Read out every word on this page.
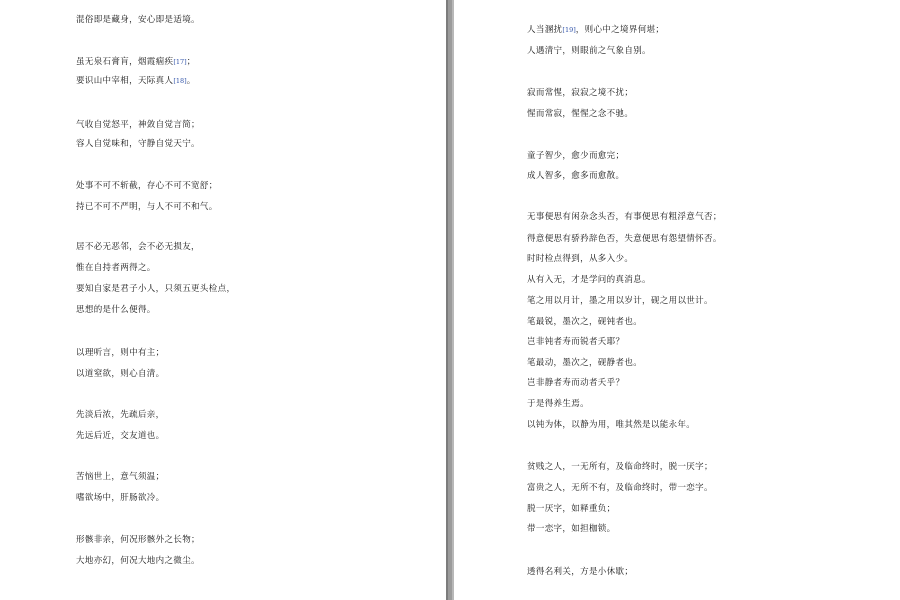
混俗即是藏身，安心即是适境。
虽无泉石膏肓，烟霞痼疾[17]；
要识山中宰相，天际真人[18]。
气收自觉怒平，神敛自觉言简；
容人自觉味和，守静自觉天宁。
处事不可不斩截，存心不可不宽舒；
持已不可不严明，与人不可不和气。
居不必无恶邻，会不必无损友，
惟在自持者两得之。
要知自家是君子小人，只须五更头检点，
思想的是什么便得。
以理听言，则中有主；
以道窒欲，则心自清。
先淡后浓，先疏后亲，
先远后近，交友道也。
苦恼世上，意气须温；
嗜欲场中，肝肠欲冷。
形骸非亲，何况形骸外之长物；
大地亦幻，何况大地内之微尘。
人当溷扰[19]，则心中之境界何堪；
人遇清宁，则眼前之气象自别。
寂而常惺，寂寂之境不扰；
惺而常寂，惺惺之念不驰。
童子智少，愈少而愈完；
成人智多，愈多而愈散。
无事便思有闲杂念头否，有事便思有粗浮意气否；
得意便思有骄矜辞色否，失意便思有怨望情怀否。
时时检点得到，从多入少。
从有入无，才是学问的真消息。
笔之用以月计，墨之用以岁计，砚之用以世计。
笔最锐，墨次之，砚钝者也。
岂非钝者寿而锐者夭耶？
笔最动，墨次之，砚静者也。
岂非静者寿而动者夭乎？
于是得养生焉。
以钝为体，以静为用，唯其然是以能永年。
贫贱之人，一无所有，及临命终时，脱一厌字；
富贵之人，无所不有，及临命终时，带一恋字。
脱一厌字，如释重负；
带一恋字，如担枷锁。
透得名利关，方是小休歇；
